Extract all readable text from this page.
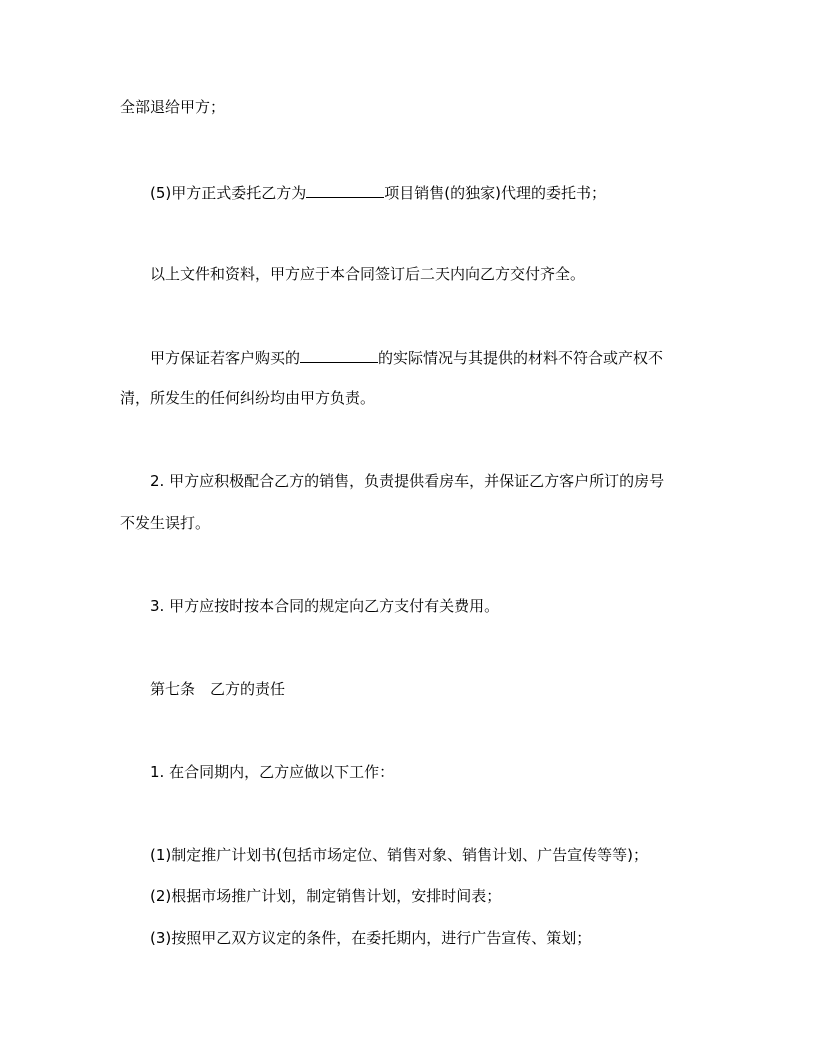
全部退给甲方；
(5)甲方正式委托乙方为	项目销售(的独家)代理的委托书；
以上文件和资料，甲方应于本合同签订后二天内向乙方交付齐全。
甲方保证若客户购买的	的实际情况与其提供的材料不符合或产权不
清，所发生的任何纠纷均由甲方负责。
2. 甲方应积极配合乙方的销售，负责提供看房车，并保证乙方客户所订的房号
不发生误打。
3. 甲方应按时按本合同的规定向乙方支付有关费用。
第七条　乙方的责任
1. 在合同期内，乙方应做以下工作：
(1)制定推广计划书(包括市场定位、销售对象、销售计划、广告宣传等等)；
(2)根据市场推广计划，制定销售计划，安排时间表；
(3)按照甲乙双方议定的条件，在委托期内，进行广告宣传、策划；
